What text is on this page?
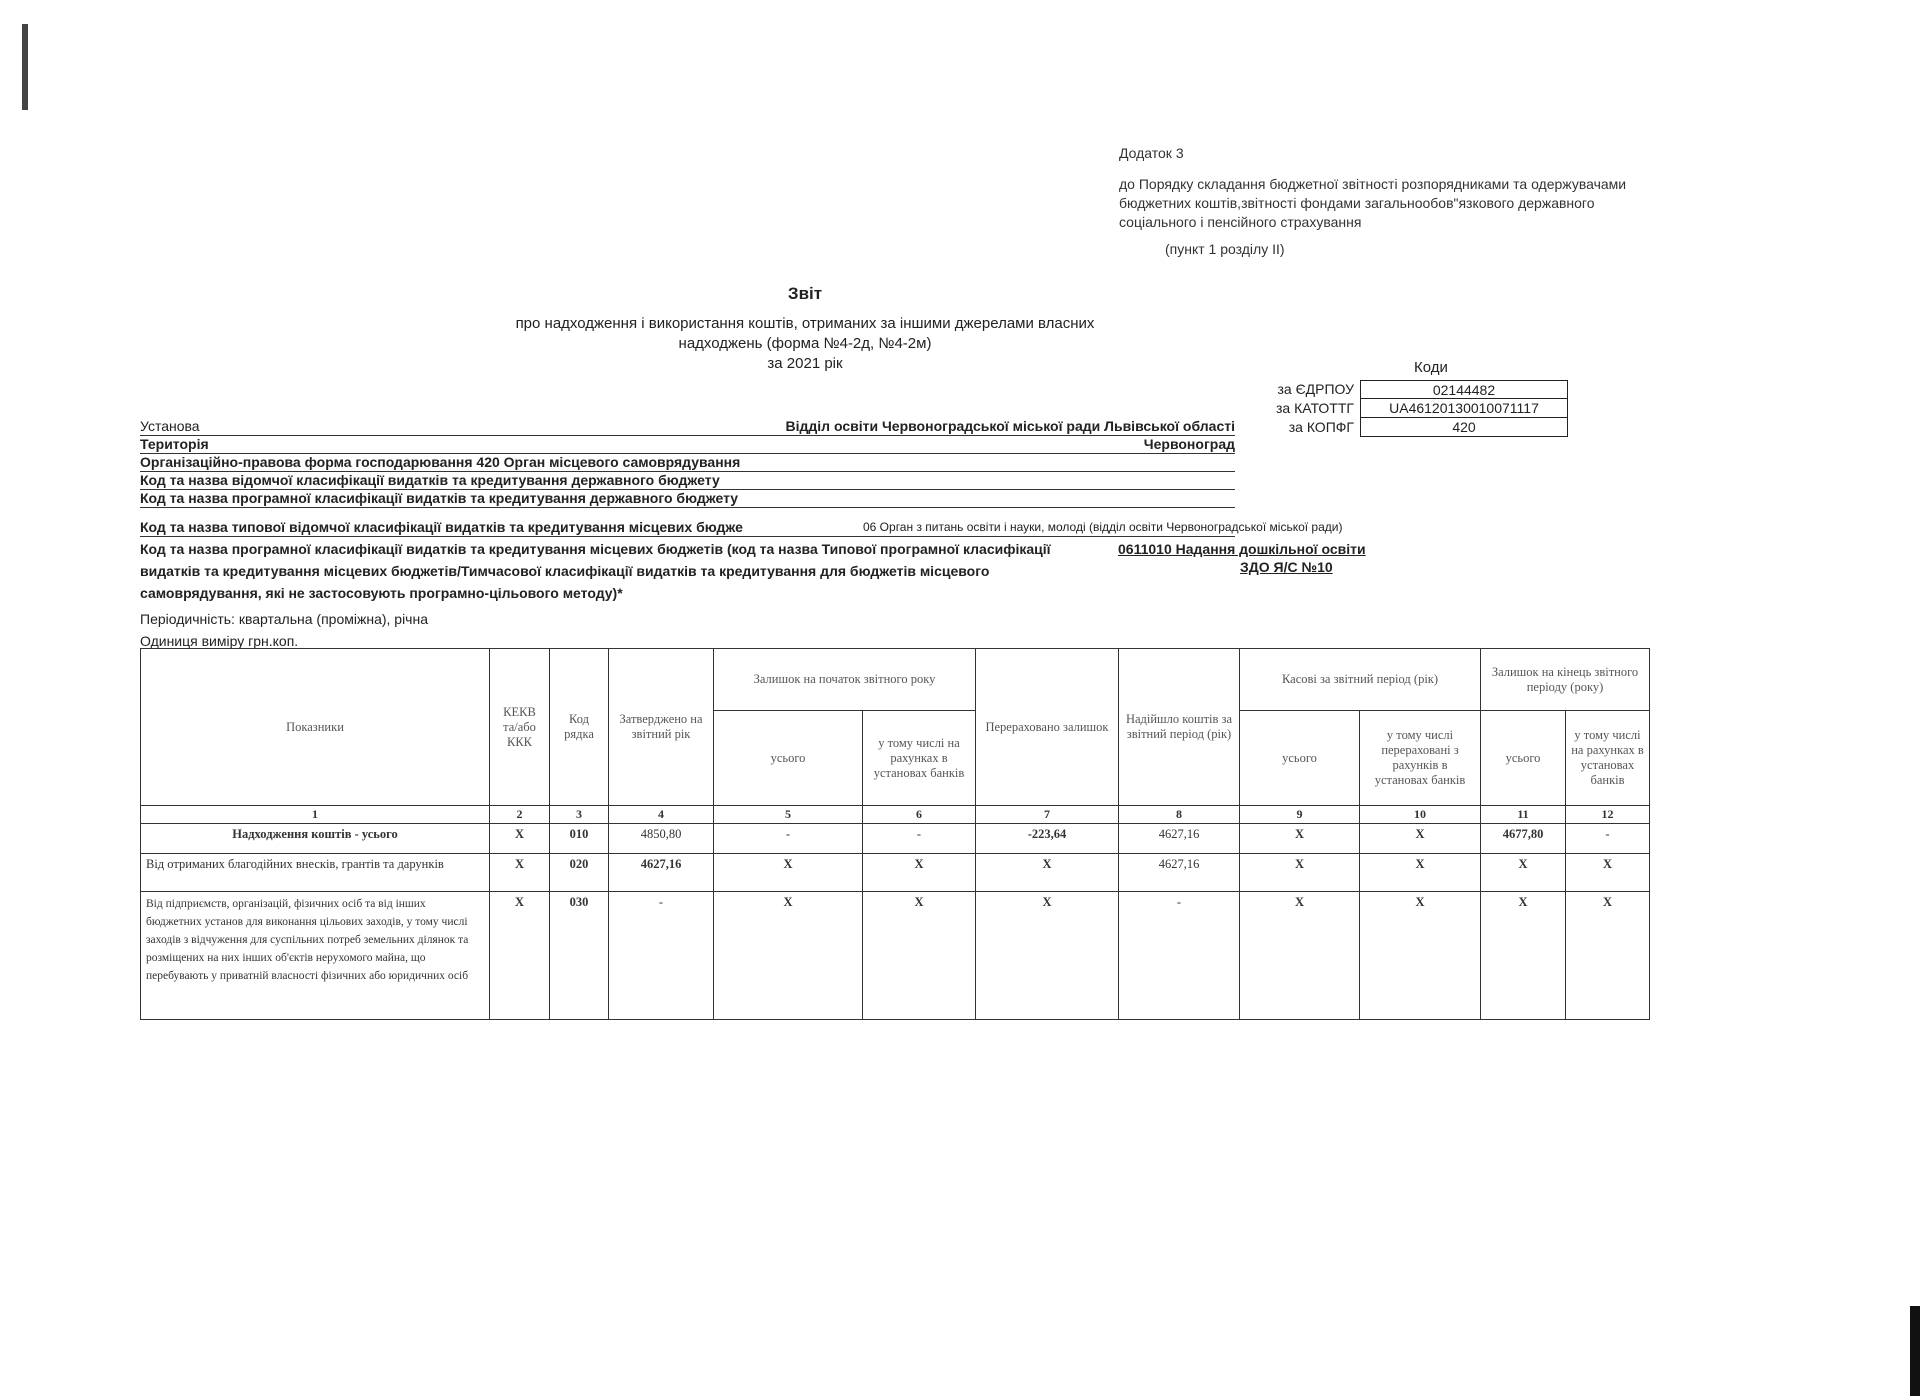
Додаток 3
до Порядку складання бюджетної звітності розпорядниками та одержувачами бюджетних коштів,звітності фондами загальнообов"язкового державного соціального і пенсійного страхування
(пункт 1 розділу II)
Звіт
про надходження і використання коштів, отриманих за іншими джерелами власних надходжень (форма №4-2д, №4-2м)
за 2021 рік	Коди
за ЄДРПОУ	02144482
за КАТОТТГ	UA46120130010071117
за КОПФГ	420
Установа	Відділ освіти Червоноградської міської ради Львівської області
Територія	Червоноград
Організаційно-правова форма господарювання 420 Орган місцевого самоврядування
Код та назва відомчої класифікації видатків та кредитування державного бюджету
Код та назва програмної класифікації видатків та кредитування державного бюджету
Код та назва типової відомчої класифікації видатків та кредитування місцевих бюдже	06 Орган з питань освіти і науки, молоді (відділ освіти Червоноградської міської ради)
Код та назва програмної класифікації видатків та кредитування місцевих бюджетів (код та назва Типової програмної класифікації видатків та кредитування місцевих бюджетів/Тимчасової класифікації видатків та кредитування для бюджетів місцевого самоврядування, які не застосовують програмно-цільового методу)*
0611010 Надання дошкільної освіти
ЗДО Я/С №10
Періодичність: квартальна (проміжна), річна
Одиниця виміру грн.коп.
Показники	КЕКВ та/або ККК	Код рядка	Затверджено на звітний рік	Залишок на початок звітного року		Перераховано залишок	Надійшло коштів за звітний період (рік)	Касові за звітний період (рік)		Залишок на кінець звітного періоду (року)	
				усього	у тому числі на рахунках в установах банків			усього	у тому числі перераховані з рахунків в установах банків	усього	у тому числі на рахунках в установах банків
1	2	3	4	5	6	7	8	9	10	11	12
Надходження коштів - усього	X	010	4850,80	-	-	-223,64	4627,16	X	X	4677,80	-
Від отриманих благодійних внесків, грантів та дарунків	X	020	4627,16	X	X	X	4627,16	X	X	X	X
Від підприємств, організацій, фізичних осіб та від інших бюджетних установ для виконання цільових заходів, у тому числі заходів з відчуження для суспільних потреб земельних ділянок та розміщених на них інших об'єктів нерухомого майна, що перебувають у приватній власності фізичних або юридичних осіб	X	030	-	X	X	X	-	X	X	X	X
